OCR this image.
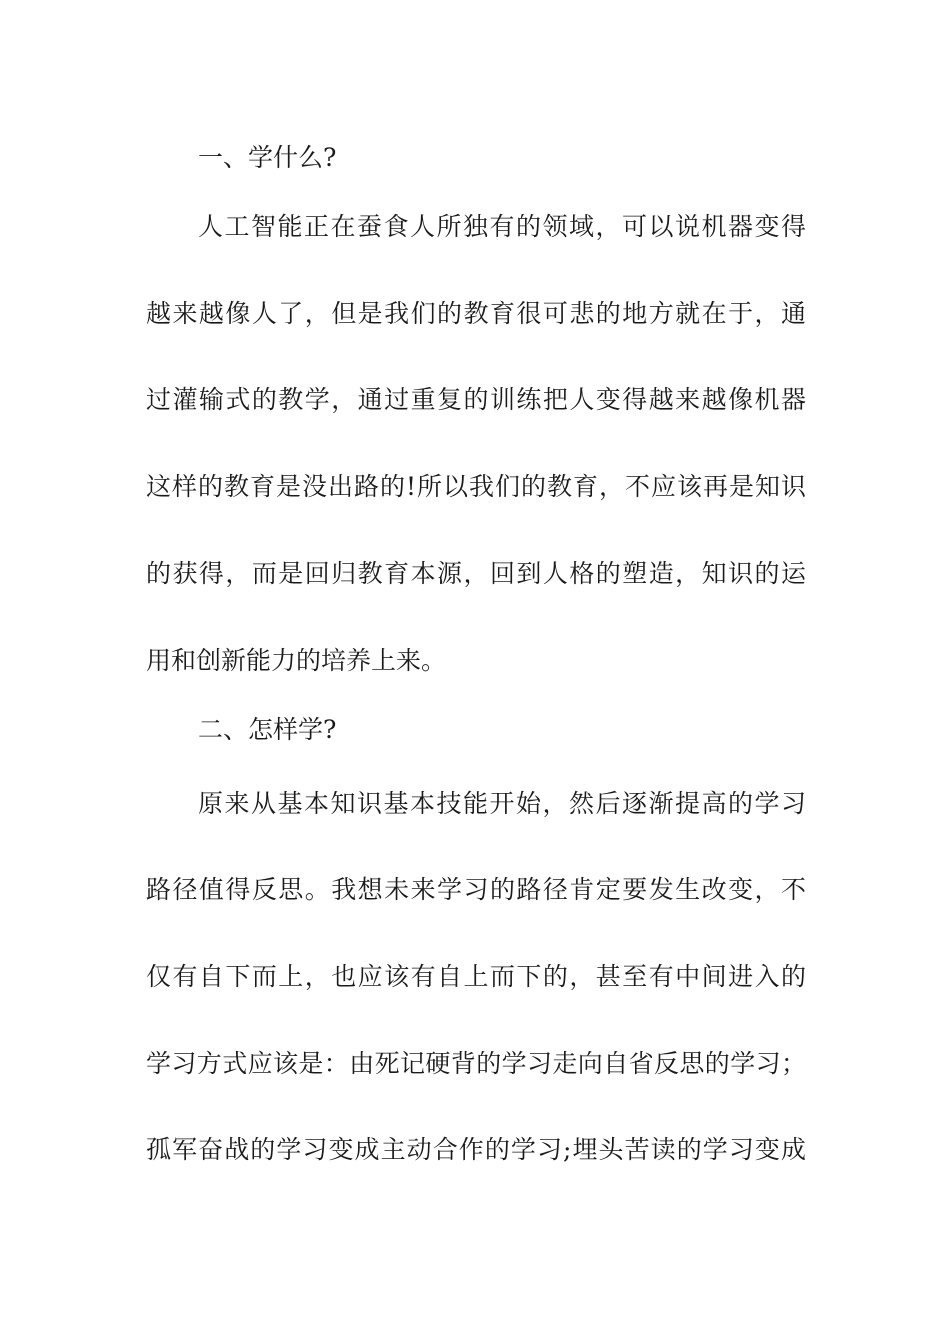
一、学什么?
人工智能正在蚕食人所独有的领域，可以说机器变得
越来越像人了，但是我们的教育很可悲的地方就在于，通
过灌输式的教学，通过重复的训练把人变得越来越像机器
这样的教育是没出路的!所以我们的教育，不应该再是知识
的获得，而是回归教育本源，回到人格的塑造，知识的运
用和创新能力的培养上来。
二、怎样学?
原来从基本知识基本技能开始，然后逐渐提高的学习
路径值得反思。我想未来学习的路径肯定要发生改变，不
仅有自下而上，也应该有自上而下的，甚至有中间进入的
学习方式应该是：由死记硬背的学习走向自省反思的学习；
孤军奋战的学习变成主动合作的学习;埋头苦读的学习变成
